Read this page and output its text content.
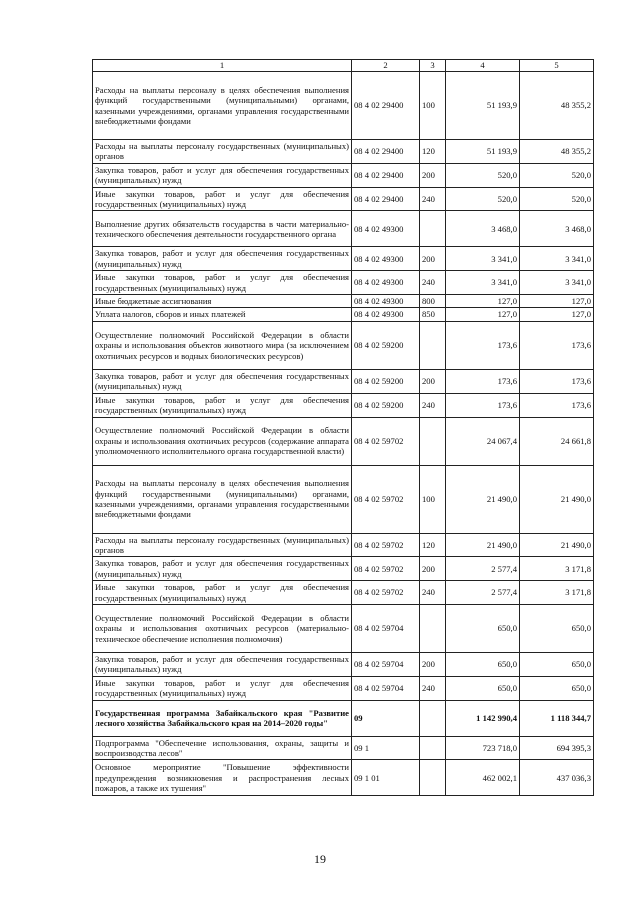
1	2	3	4	5
Расходы на выплаты персоналу в целях обеспечения выполнения функций государственными (муниципальными) органами, казенными учреждениями, органами управления государственными внебюджетными фондами	08 4 02 29400	100	51 193,9	48 355,2
Расходы на выплаты персоналу государственных (муниципальных) органов	08 4 02 29400	120	51 193,9	48 355,2
Закупка товаров, работ и услуг для обеспечения государственных (муниципальных) нужд	08 4 02 29400	200	520,0	520,0
Иные закупки товаров, работ и услуг для обеспечения государственных (муниципальных) нужд	08 4 02 29400	240	520,0	520,0
Выполнение других обязательств государства в части материально-технического обеспечения деятельности государственного органа	08 4 02 49300		3 468,0	3 468,0
Закупка товаров, работ и услуг для обеспечения государственных (муниципальных) нужд	08 4 02 49300	200	3 341,0	3 341,0
Иные закупки товаров, работ и услуг для обеспечения государственных (муниципальных) нужд	08 4 02 49300	240	3 341,0	3 341,0
Иные бюджетные ассигнования	08 4 02 49300	800	127,0	127,0
Уплата налогов, сборов и иных платежей	08 4 02 49300	850	127,0	127,0
Осуществление полномочий Российской Федерации в области охраны и использования объектов животного мира (за исключением охотничьих ресурсов и водных биологических ресурсов)	08 4 02 59200		173,6	173,6
Закупка товаров, работ и услуг для обеспечения государственных (муниципальных) нужд	08 4 02 59200	200	173,6	173,6
Иные закупки товаров, работ и услуг для обеспечения государственных (муниципальных) нужд	08 4 02 59200	240	173,6	173,6
Осуществление полномочий Российской Федерации в области охраны и использования охотничьих ресурсов (содержание аппарата уполномоченного исполнительного органа государственной власти)	08 4 02 59702		24 067,4	24 661,8
Расходы на выплаты персоналу в целях обеспечения выполнения функций государственными (муниципальными) органами, казенными учреждениями, органами управления государственными внебюджетными фондами	08 4 02 59702	100	21 490,0	21 490,0
Расходы на выплаты персоналу государственных (муниципальных) органов	08 4 02 59702	120	21 490,0	21 490,0
Закупка товаров, работ и услуг для обеспечения государственных (муниципальных) нужд	08 4 02 59702	200	2 577,4	3 171,8
Иные закупки товаров, работ и услуг для обеспечения государственных (муниципальных) нужд	08 4 02 59702	240	2 577,4	3 171,8
Осуществление полномочий Российской Федерации в области охраны и использования охотничьих ресурсов (материально-техническое обеспечение исполнения полномочия)	08 4 02 59704		650,0	650,0
Закупка товаров, работ и услуг для обеспечения государственных (муниципальных) нужд	08 4 02 59704	200	650,0	650,0
Иные закупки товаров, работ и услуг для обеспечения государственных (муниципальных) нужд	08 4 02 59704	240	650,0	650,0
Государственная программа Забайкальского края "Развитие лесного хозяйства Забайкальского края на 2014–2020 годы"	09		1 142 990,4	1 118 344,7
Подпрограмма "Обеспечение использования, охраны, защиты и воспроизводства лесов"	09 1		723 718,0	694 395,3
Основное мероприятие "Повышение эффективности предупреждения возникновения и распространения лесных пожаров, а также их тушения"	09 1 01		462 002,1	437 036,3
19
